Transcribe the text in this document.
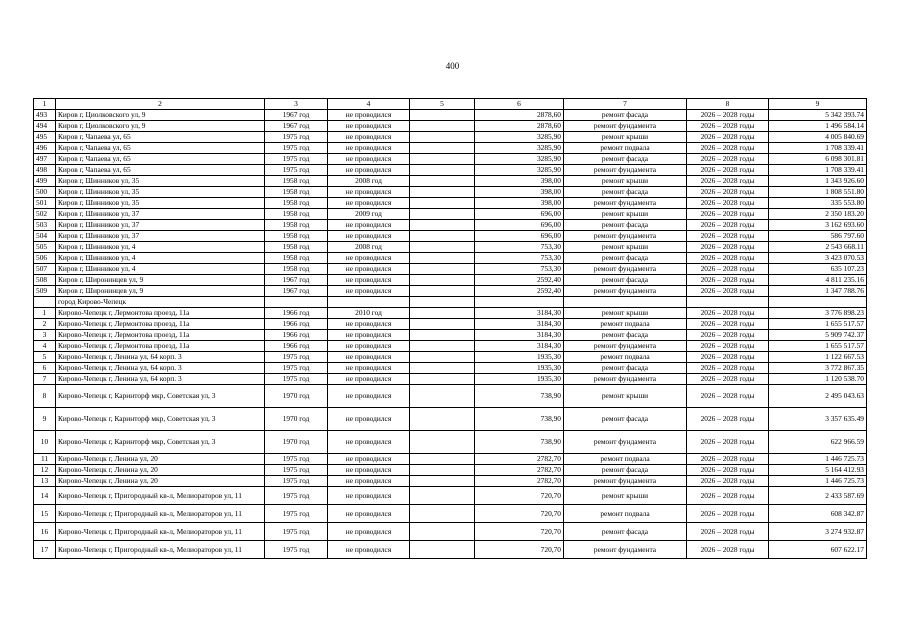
400
1	2	3	4	5	6	7	8	9
493	Киров г, Циолковского ул, 9	1967 год	не проводился		2878,60	ремонт фасада	2026 – 2028 годы	5 342 393.74
494	Киров г, Циолковского ул, 9	1967 год	не проводился		2878,60	ремонт фундамента	2026 – 2028 годы	1 496 584.14
495	Киров г, Чапаева ул, 65	1975 год	не проводился		3285,90	ремонт крыши	2026 – 2028 годы	4 005 840.69
496	Киров г, Чапаева ул, 65	1975 год	не проводился		3285,90	ремонт подвала	2026 – 2028 годы	1 708 339.41
497	Киров г, Чапаева ул, 65	1975 год	не проводился		3285,90	ремонт фасада	2026 – 2028 годы	6 098 301.81
498	Киров г, Чапаева ул, 65	1975 год	не проводился		3285,90	ремонт фундамента	2026 – 2028 годы	1 708 339.41
499	Киров г, Шинников ул, 35	1958 год	2008 год		398,00	ремонт крыши	2026 – 2028 годы	1 343 926.60
500	Киров г, Шинников ул, 35	1958 год	не проводился		398,00	ремонт фасада	2026 – 2028 годы	1 808 551.80
501	Киров г, Шинников ул, 35	1958 год	не проводился		398,00	ремонт фундамента	2026 – 2028 годы	335 553.80
502	Киров г, Шинников ул, 37	1958 год	2009 год		696,00	ремонт крыши	2026 – 2028 годы	2 350 183.20
503	Киров г, Шинников ул, 37	1958 год	не проводился		696,00	ремонт фасада	2026 – 2028 годы	3 162 693.60
504	Киров г, Шинников ул, 37	1958 год	не проводился		696,00	ремонт фундамента	2026 – 2028 годы	586 797.60
505	Киров г, Шинников ул, 4	1958 год	2008 год		753,30	ремонт крыши	2026 – 2028 годы	2 543 668.11
506	Киров г, Шинников ул, 4	1958 год	не проводился		753,30	ремонт фасада	2026 – 2028 годы	3 423 070.53
507	Киров г, Шинников ул, 4	1958 год	не проводился		753,30	ремонт фундамента	2026 – 2028 годы	635 107.23
508	Киров г, Широнинцев ул, 9	1967 год	не проводился		2592,40	ремонт фасада	2026 – 2028 годы	4 811 235.16
509	Киров г, Широнинцев ул, 9	1967 год	не проводился		2592,40	ремонт фундамента	2026 – 2028 годы	1 347 788.76
	город Кирово-Чепецк							
1	Кирово-Чепецк г, Лермонтова проезд, 11а	1966 год	2010 год		3184,30	ремонт крыши	2026 – 2028 годы	3 776 898.23
2	Кирово-Чепецк г, Лермонтова проезд, 11а	1966 год	не проводился		3184,30	ремонт подвала	2026 – 2028 годы	1 655 517.57
3	Кирово-Чепецк г, Лермонтова проезд, 11а	1966 год	не проводился		3184,30	ремонт фасада	2026 – 2028 годы	5 909 742.37
4	Кирово-Чепецк г, Лермонтова проезд, 11а	1966 год	не проводился		3184,30	ремонт фундамента	2026 – 2028 годы	1 655 517.57
5	Кирово-Чепецк г, Ленина ул, 64 корп. 3	1975 год	не проводился		1935,30	ремонт подвала	2026 – 2028 годы	1 122 667.53
6	Кирово-Чепецк г, Ленина ул, 64 корп. 3	1975 год	не проводился		1935,30	ремонт фасада	2026 – 2028 годы	3 772 867.35
7	Кирово-Чепецк г, Ленина ул, 64 корп. 3	1975 год	не проводился		1935,30	ремонт фундамента	2026 – 2028 годы	1 120 538.70
8	Кирово-Чепецк г, Каринторф мкр, Советская ул, 3	1970 год	не проводился		738,90	ремонт крыши	2026 – 2028 годы	2 495 043.63
9	Кирово-Чепецк г, Каринторф мкр, Советская ул, 3	1970 год	не проводился		738,90	ремонт фасада	2026 – 2028 годы	3 357 635.49
10	Кирово-Чепецк г, Каринторф мкр, Советская ул, 3	1970 год	не проводился		738,90	ремонт фундамента	2026 – 2028 годы	622 966.59
11	Кирово-Чепецк г, Ленина ул, 20	1975 год	не проводился		2782,70	ремонт подвала	2026 – 2028 годы	1 446 725.73
12	Кирово-Чепецк г, Ленина ул, 20	1975 год	не проводился		2782,70	ремонт фасада	2026 – 2028 годы	5 164 412.93
13	Кирово-Чепецк г, Ленина ул, 20	1975 год	не проводился		2782,70	ремонт фундамента	2026 – 2028 годы	1 446 725.73
14	Кирово-Чепецк г, Пригородный кв-л, Мелиораторов ул, 11	1975 год	не проводился		720,70	ремонт крыши	2026 – 2028 годы	2 433 587.69
15	Кирово-Чепецк г, Пригородный кв-л, Мелиораторов ул, 11	1975 год	не проводился		720,70	ремонт подвала	2026 – 2028 годы	608 342.87
16	Кирово-Чепецк г, Пригородный кв-л, Мелиораторов ул, 11	1975 год	не проводился		720,70	ремонт фасада	2026 – 2028 годы	3 274 932.87
17	Кирово-Чепецк г, Пригородный кв-л, Мелиораторов ул, 11	1975 год	не проводился		720,70	ремонт фундамента	2026 – 2028 годы	607 622.17
